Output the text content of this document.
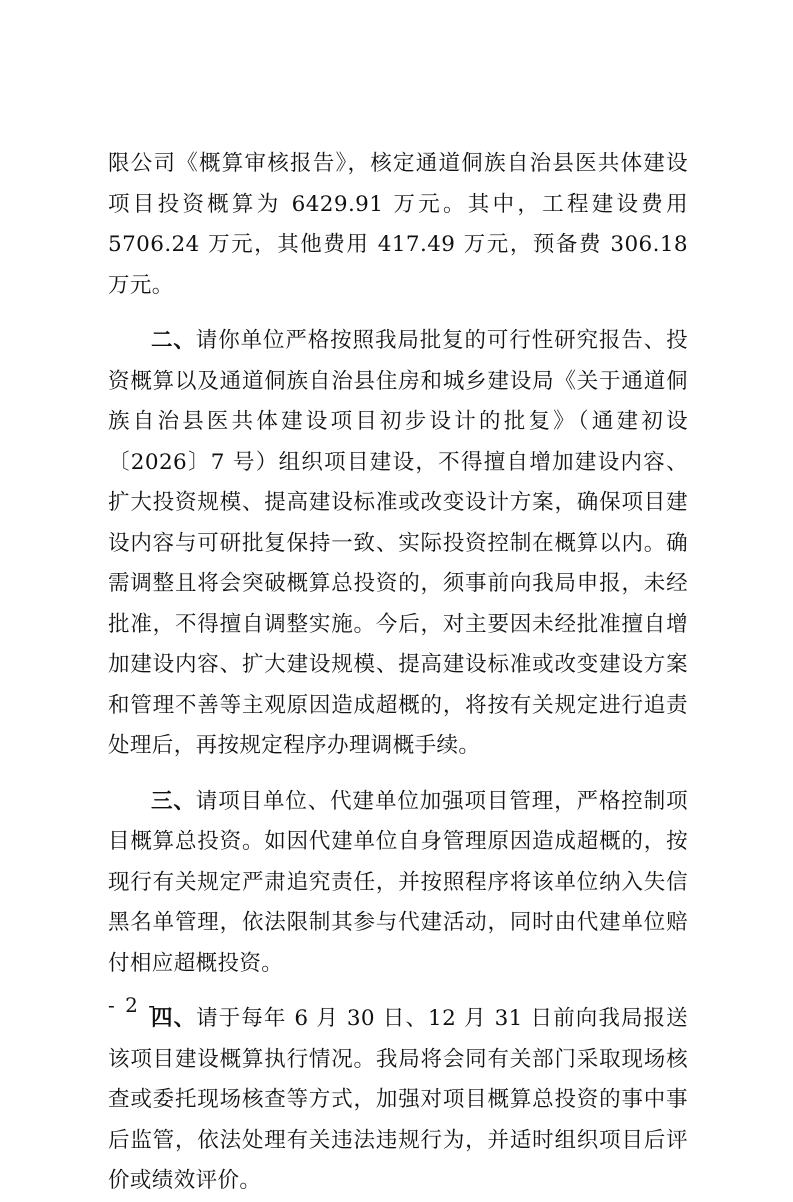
限公司《概算审核报告》，核定通道侗族自治县医共体建设项目投资概算为 6429.91 万元。其中，工程建设费用 5706.24 万元，其他费用 417.49 万元，预备费 306.18 万元。

二、请你单位严格按照我局批复的可行性研究报告、投资概算以及通道侗族自治县住房和城乡建设局《关于通道侗族自治县医共体建设项目初步设计的批复》（通建初设〔2026〕7 号）组织项目建设，不得擅自增加建设内容、扩大投资规模、提高建设标准或改变设计方案，确保项目建设内容与可研批复保持一致、实际投资控制在概算以内。确需调整且将会突破概算总投资的，须事前向我局申报，未经批准，不得擅自调整实施。今后，对主要因未经批准擅自增加建设内容、扩大建设规模、提高建设标准或改变建设方案和管理不善等主观原因造成超概的，将按有关规定进行追责处理后，再按规定程序办理调概手续。

三、请项目单位、代建单位加强项目管理，严格控制项目概算总投资。如因代建单位自身管理原因造成超概的，按现行有关规定严肃追究责任，并按照程序将该单位纳入失信黑名单管理，依法限制其参与代建活动，同时由代建单位赔付相应超概投资。

四、请于每年 6 月 30 日、12 月 31 日前向我局报送该项目建设概算执行情况。我局将会同有关部门采取现场核查或委托现场核查等方式，加强对项目概算总投资的事中事后监管，依法处理有关违法违规行为，并适时组织项目后评价或绩效评价。

- 2 -
